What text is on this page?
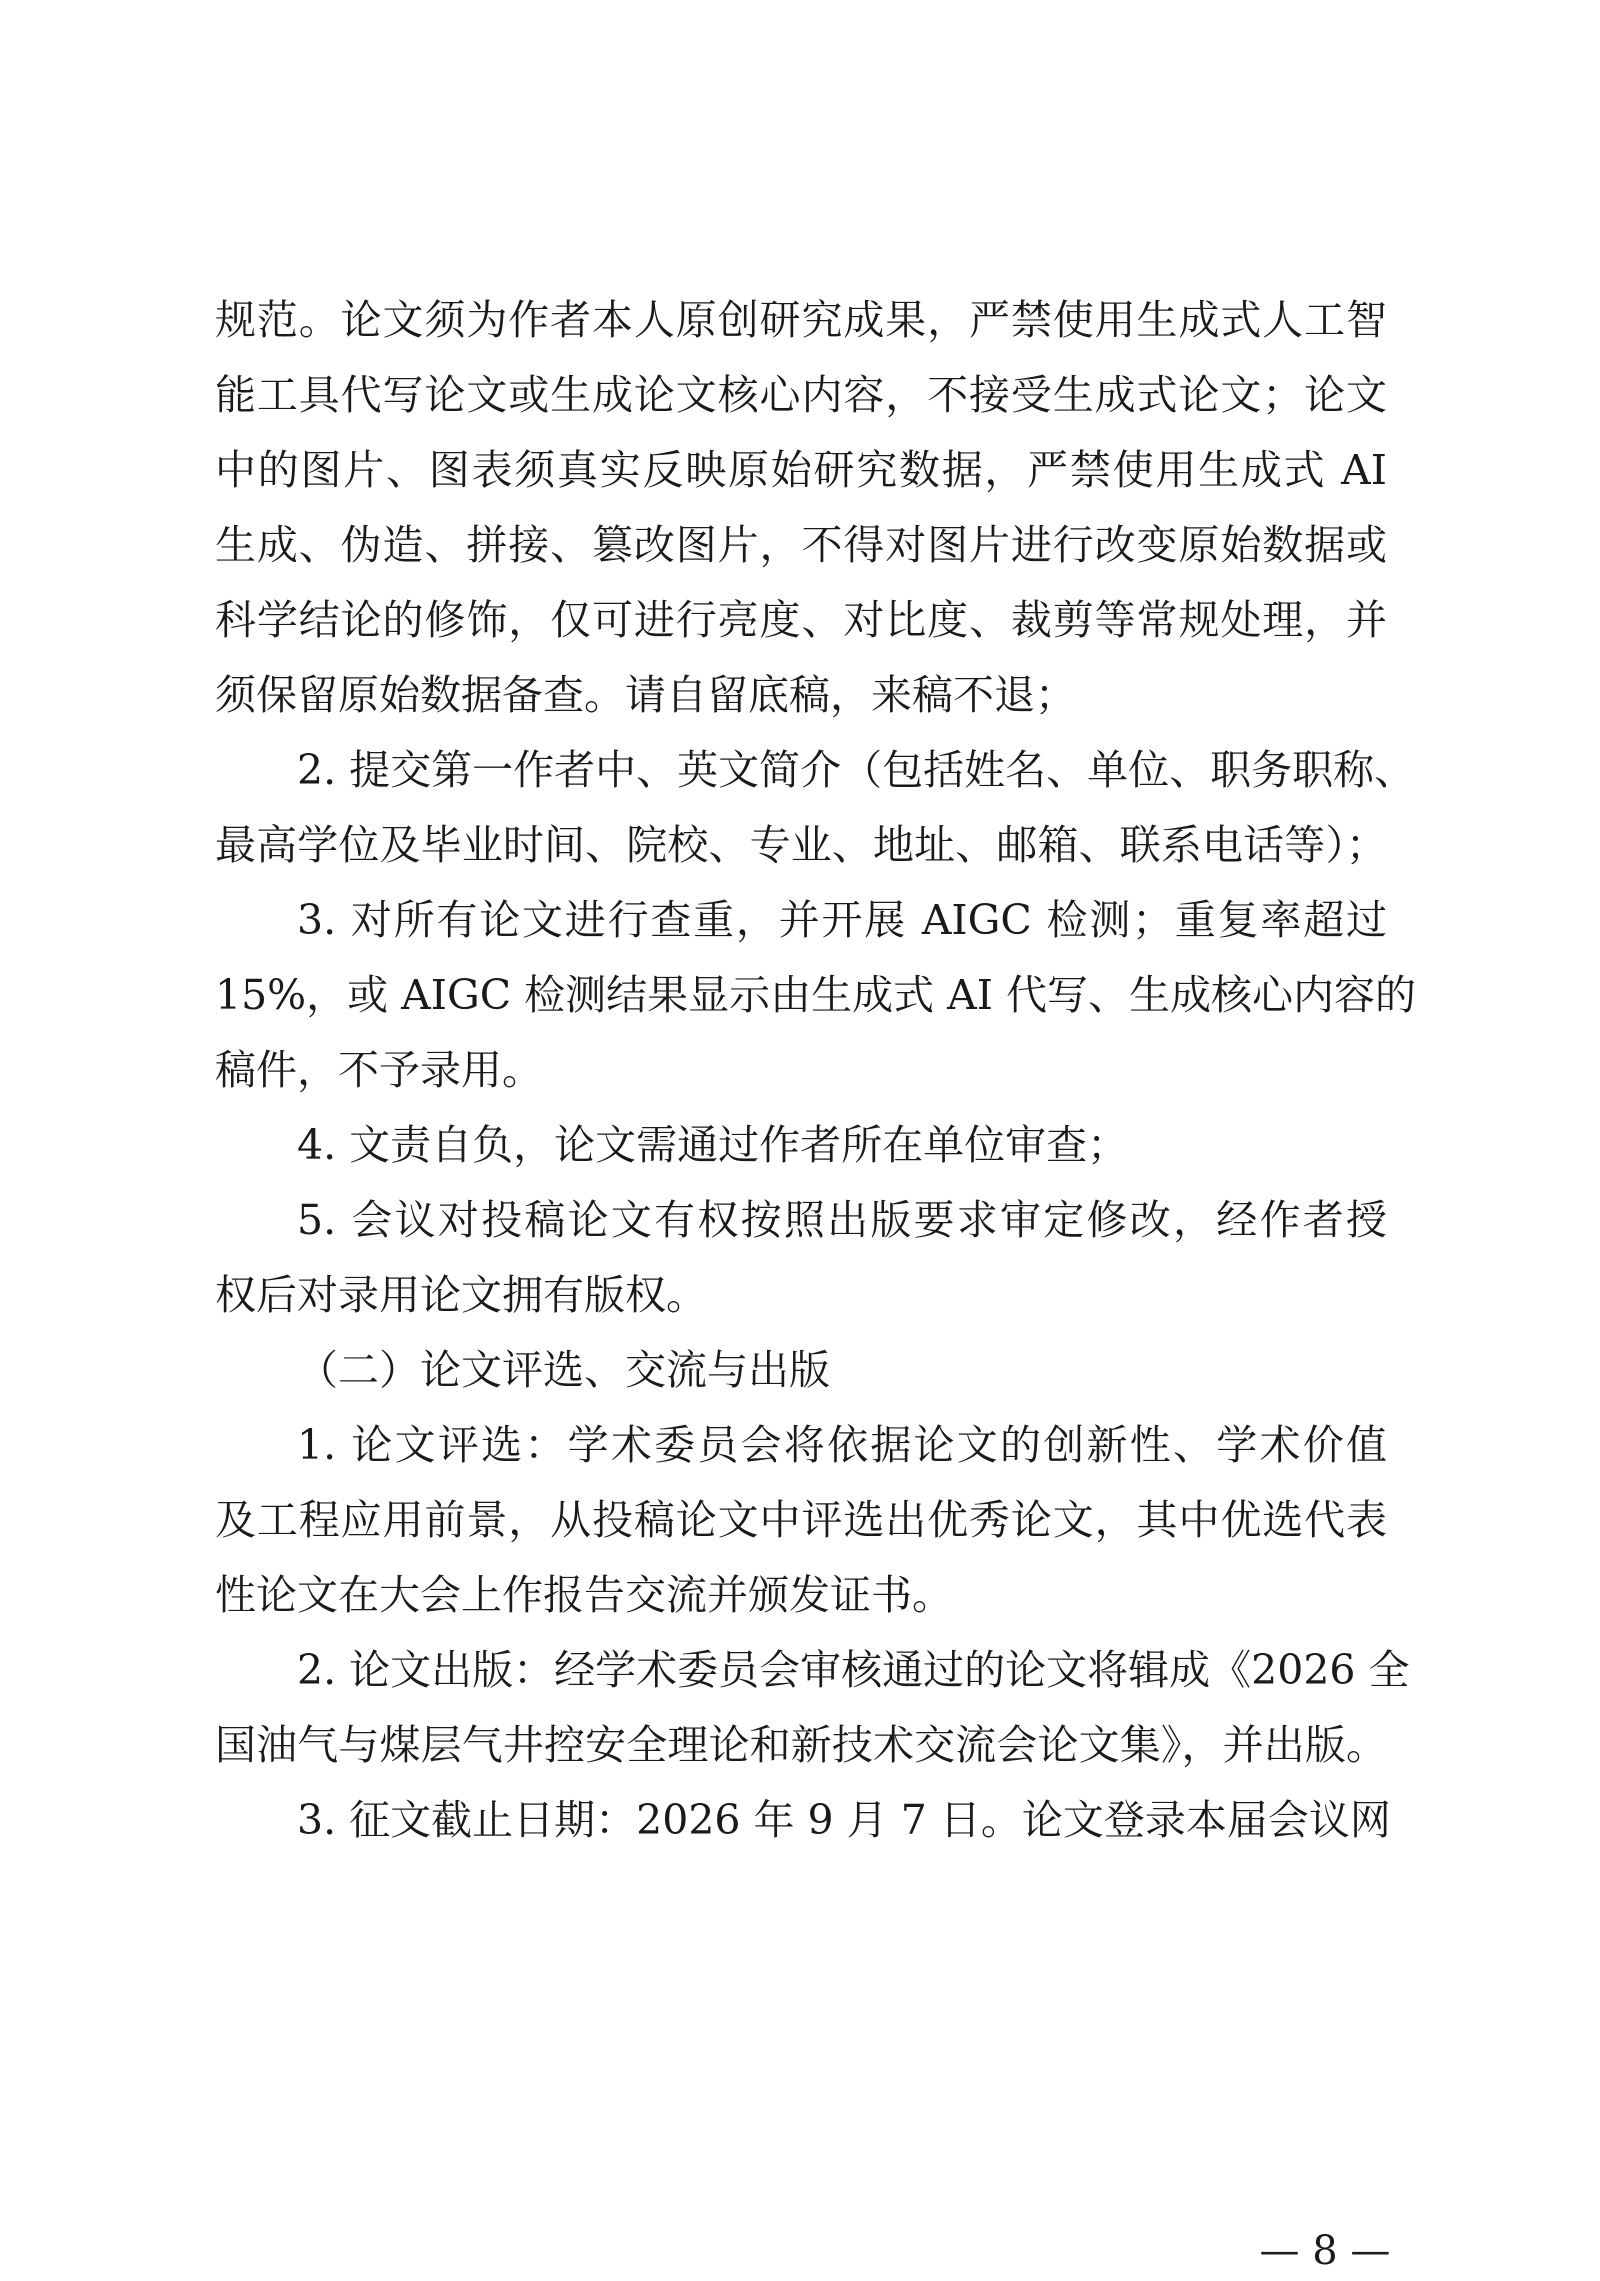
规范。论文须为作者本人原创研究成果，严禁使用生成式人工智
能工具代写论文或生成论文核心内容，不接受生成式论文；论文
中的图片、图表须真实反映原始研究数据，严禁使用生成式 AI
生成、伪造、拼接、篡改图片，不得对图片进行改变原始数据或
科学结论的修饰，仅可进行亮度、对比度、裁剪等常规处理，并
须保留原始数据备查。请自留底稿，来稿不退；
2. 提交第一作者中、英文简介（包括姓名、单位、职务职称、
最高学位及毕业时间、院校、专业、地址、邮箱、联系电话等）；
3. 对所有论文进行查重，并开展 AIGC 检测；重复率超过
15%，或 AIGC 检测结果显示由生成式 AI 代写、生成核心内容的
稿件，不予录用。
4. 文责自负，论文需通过作者所在单位审查；
5. 会议对投稿论文有权按照出版要求审定修改，经作者授
权后对录用论文拥有版权。
（二）论文评选、交流与出版
1. 论文评选：学术委员会将依据论文的创新性、学术价值
及工程应用前景，从投稿论文中评选出优秀论文，其中优选代表
性论文在大会上作报告交流并颁发证书。
2. 论文出版：经学术委员会审核通过的论文将辑成《2026 全
国油气与煤层气井控安全理论和新技术交流会论文集》，并出版。
3. 征文截止日期：2026 年 9 月 7 日。论文登录本届会议网
— 8 —
